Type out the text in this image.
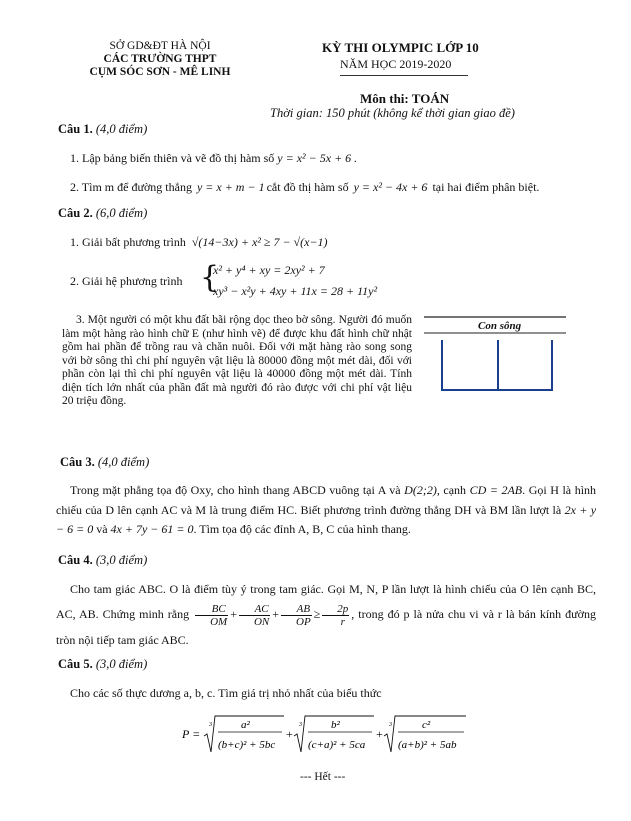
SỞ GD&ĐT HÀ NỘI
CÁC TRƯỜNG THPT
CỤM SÓC SƠN - MÊ LINH
KỲ THI OLYMPIC LỚP 10
NĂM HỌC 2019-2020
Môn thi: TOÁN
Thời gian: 150 phút (không kể thời gian giao đề)
Câu 1. (4,0 điểm)
1. Lập bảng biến thiên và vẽ đồ thị hàm số y = x² − 5x + 6 .
2. Tìm m để đường thẳng y = x + m − 1 cắt đồ thị hàm số y = x² − 4x + 6 tại hai điểm phân biệt.
Câu 2. (6,0 điểm)
1. Giải bất phương trình √(14−3x) + x² ≥ 7 − √(x−1)
2. Giải hệ phương trình {
x² + y⁴ + xy = 2xy² + 7
xy³ − x²y + 4xy + 11x = 28 + 11y²
3. Một người có một khu đất bãi rộng dọc theo bờ sông. Người đó muốn làm một hàng rào hình chữ E (như hình vẽ) để được khu đất hình chữ nhật gồm hai phần để trồng rau và chăn nuôi. Đối với mặt hàng rào song song với bờ sông thì chi phí nguyên vật liệu là 80000 đồng một mét dài, đối với phần còn lại thì chi phí nguyên vật liệu là 40000 đồng một mét dài. Tính diện tích lớn nhất của phần đất mà người đó rào được với chi phí vật liệu 20 triệu đồng.
Con sông
Câu 3. (4,0 điểm)
Trong mặt phẳng tọa độ Oxy, cho hình thang ABCD vuông tại A và D(2;2), cạnh CD = 2AB. Gọi H là hình chiếu của D lên cạnh AC và M là trung điểm HC. Biết phương trình đường thẳng DH và BM lần lượt là 2x + y − 6 = 0 và 4x + 7y − 61 = 0. Tìm tọa độ các đỉnh A, B, C của hình thang.
Câu 4. (3,0 điểm)
Cho tam giác ABC. O là điểm tùy ý trong tam giác. Gọi M, N, P lần lượt là hình chiếu của O lên cạnh BC, AC, AB. Chứng minh rằng $\frac{BC}{OM} + \frac{AC}{ON} + \frac{AB}{OP} \ge \frac{2p}{r}$ , trong đó p là nửa chu vi và r là bán kính đường tròn nội tiếp tam giác ABC.
Câu 5. (3,0 điểm)
Cho các số thực dương a, b, c. Tìm giá trị nhỏ nhất của biểu thức
P =
3	a²
(b+c)² + 5bc
+
3	b²
(c+a)² + 5ca
+
3	c²
(a+b)² + 5ab
--- Hết ---
